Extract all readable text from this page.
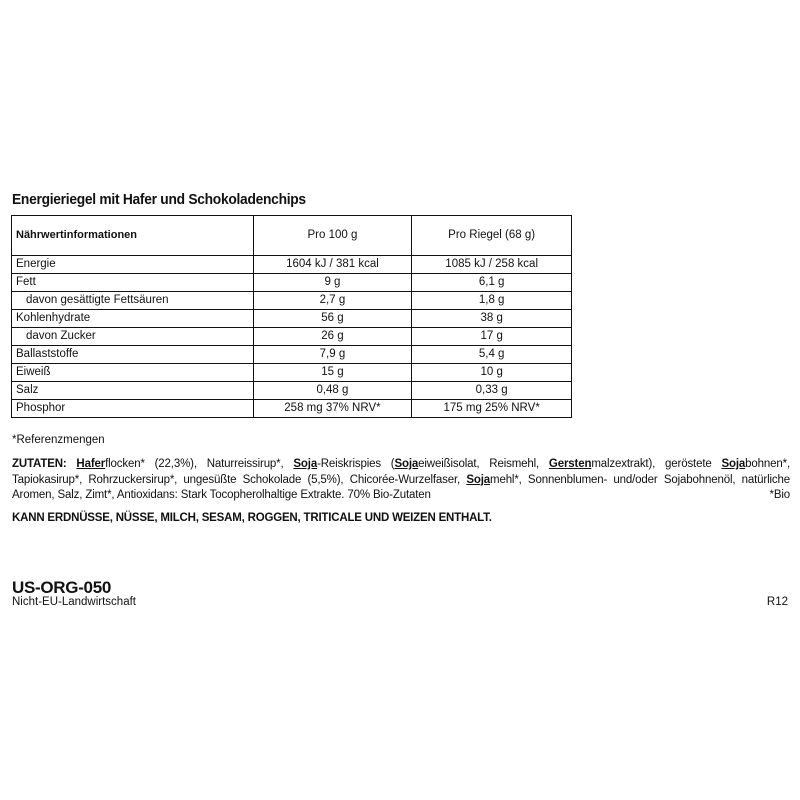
Energieriegel mit Hafer und Schokoladenchips
Nährwertinformationen	Pro 100 g	Pro Riegel (68 g)
Energie	1604 kJ / 381 kcal	1085 kJ / 258 kcal
Fett	9 g	6,1 g
davon gesättigte Fettsäuren	2,7 g	1,8 g
Kohlenhydrate	56 g	38 g
davon Zucker	26 g	17 g
Ballaststoffe	7,9 g	5,4 g
Eiweiß	15 g	10 g
Salz	0,48 g	0,33 g
Phosphor	258 mg 37% NRV*	175 mg 25% NRV*
*Referenzmengen
ZUTATEN: Haferflocken* (22,3%), Naturreissirup*, Soja-Reiskrispies (Sojaeiweißisolat, Reismehl, Gerstenmalzextrakt), geröstete Sojabohnen*, Tapiokasirup*, Rohrzuckersirup*, ungesüßte Schokolade (5,5%), Chicorée-Wurzelfaser, Sojamehl*, Sonnenblumen- und/oder Sojabohnenöl, natürliche Aromen, Salz, Zimt*, Antioxidans: Stark Tocopherolhaltige Extrakte. 70% Bio-Zutaten	*Bio
KANN ERDNÜSSE, NÜSSE, MILCH, SESAM, ROGGEN, TRITICALE UND WEIZEN ENTHALT.
US-ORG-050
Nicht-EU-Landwirtschaft	R12
